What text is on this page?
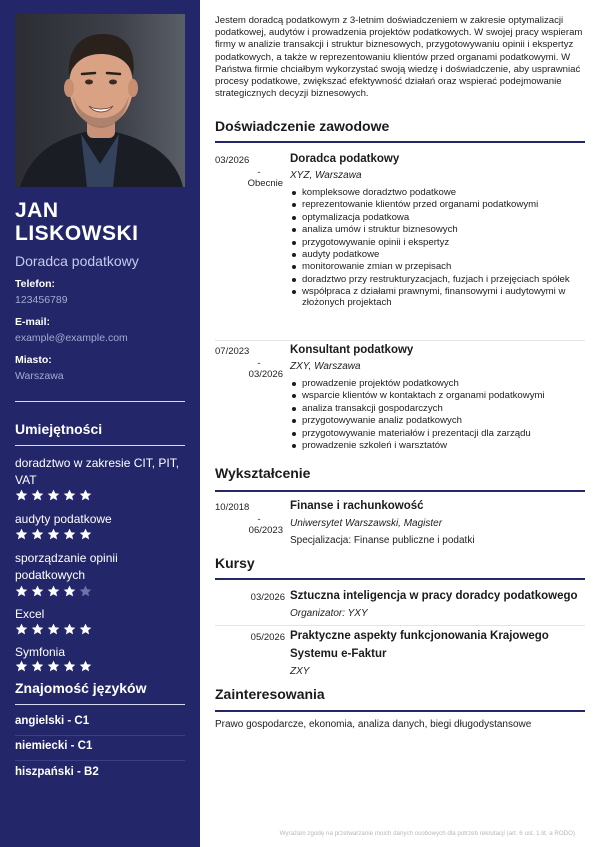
JAN
LISKOWSKI
Doradca podatkowy
Telefon:
123456789
E-mail:
example@example.com
Miasto:
Warszawa
Umiejętności
doradztwo w zakresie CIT, PIT, VAT
audyty podatkowe
sporządzanie opinii podatkowych
Excel
Symfonia
Znajomość języków
angielski - C1
niemiecki - C1
hiszpański - B2

Jestem doradcą podatkowym z 3-letnim doświadczeniem w zakresie optymalizacji podatkowej, audytów i prowadzenia projektów podatkowych. W swojej pracy wspieram firmy w analizie transakcji i struktur biznesowych, przygotowywaniu opinii i ekspertyz podatkowych, a także w reprezentowaniu klientów przed organami podatkowymi. W Państwa firmie chciałbym wykorzystać swoją wiedzę i doświadczenie, aby usprawniać procesy podatkowe, zwiększać efektywność działań oraz wspierać podejmowanie strategicznych decyzji biznesowych.

Doświadczenie zawodowe
03/2026
-
Obecnie
Doradca podatkowy
XYZ, Warszawa
kompleksowe doradztwo podatkowe
reprezentowanie klientów przed organami podatkowymi
optymalizacja podatkowa
analiza umów i struktur biznesowych
przygotowywanie opinii i ekspertyz
audyty podatkowe
monitorowanie zmian w przepisach
doradztwo przy restrukturyzacjach, fuzjach i przejęciach spółek
współpraca z działami prawnymi, finansowymi i audytowymi w złożonych projektach
07/2023
-
03/2026
Konsultant podatkowy
ZXY, Warszawa
prowadzenie projektów podatkowych
wsparcie klientów w kontaktach z organami podatkowymi
analiza transakcji gospodarczych
przygotowywanie analiz podatkowych
przygotowywanie materiałów i prezentacji dla zarządu
prowadzenie szkoleń i warsztatów
Wykształcenie
10/2018
-
06/2023
Finanse i rachunkowość
Uniwersytet Warszawski, Magister
Specjalizacja: Finanse publiczne i podatki
Kursy
03/2026 Sztuczna inteligencja w pracy doradcy podatkowego
Organizator: YXY
05/2026 Praktyczne aspekty funkcjonowania Krajowego
Systemu e-Faktur
ZXY
Zainteresowania
Prawo gospodarcze, ekonomia, analiza danych, biegi długodystansowe
Wyrażam zgodę na przetwarzanie moich danych osobowych dla potrzeb rekrutacji (art. 6 ust. 1 lit. a RODO)
